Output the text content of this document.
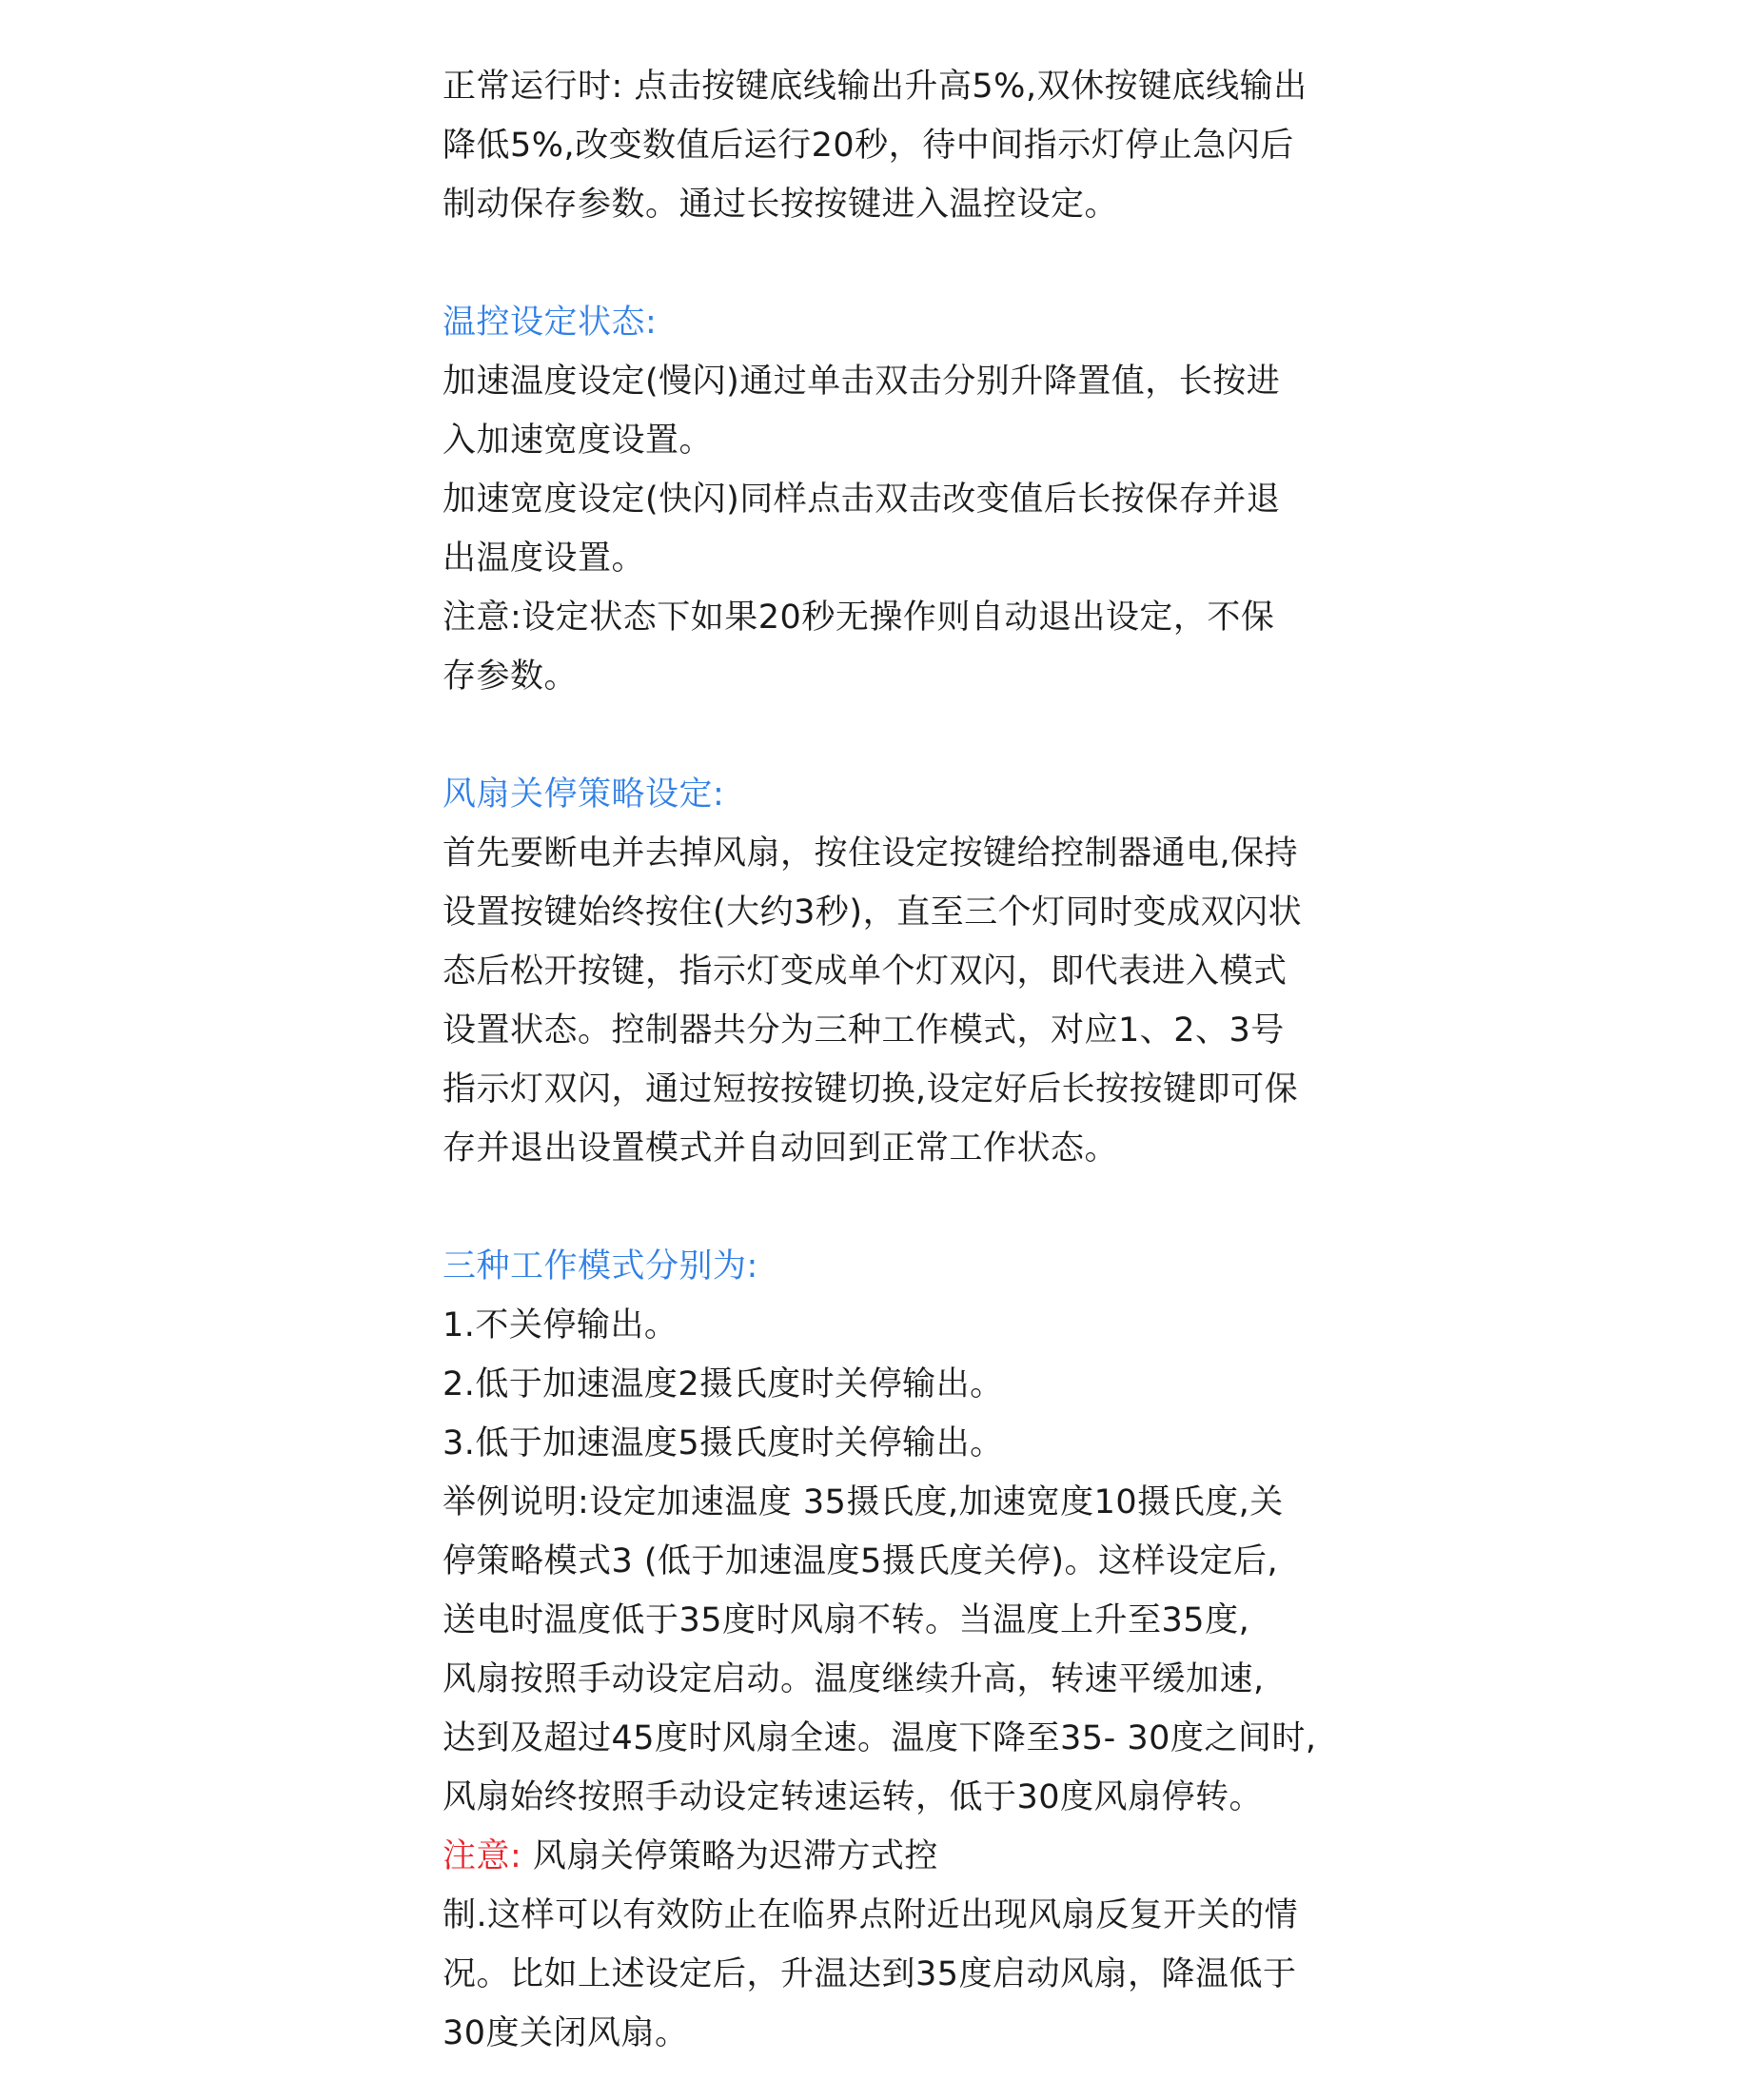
正常运行时: 点击按键底线输出升高5%,双休按键底线输出
降低5%,改变数值后运行20秒，待中间指示灯停止急闪后
制动保存参数。通过长按按键进入温控设定。
温控设定状态:
加速温度设定(慢闪)通过单击双击分别升降置值，长按进
入加速宽度设置。
加速宽度设定(快闪)同样点击双击改变值后长按保存并退
出温度设置。
注意:设定状态下如果20秒无操作则自动退出设定，不保
存参数。
风扇关停策略设定:
首先要断电并去掉风扇，按住设定按键给控制器通电,保持
设置按键始终按住(大约3秒)，直至三个灯同时变成双闪状
态后松开按键，指示灯变成单个灯双闪，即代表进入模式
设置状态。控制器共分为三种工作模式，对应1、2、3号
指示灯双闪，通过短按按键切换,设定好后长按按键即可保
存并退出设置模式并自动回到正常工作状态。
三种工作模式分别为:
1.不关停输出。
2.低于加速温度2摄氏度时关停输出。
3.低于加速温度5摄氏度时关停输出。
举例说明:设定加速温度 35摄氏度,加速宽度10摄氏度,关
停策略模式3 (低于加速温度5摄氏度关停)。这样设定后,
送电时温度低于35度时风扇不转。当温度上升至35度,
风扇按照手动设定启动。温度继续升高，转速平缓加速,
达到及超过45度时风扇全速。温度下降至35- 30度之间时,
风扇始终按照手动设定转速运转，低于30度风扇停转。
注意: 风扇关停策略为迟滞方式控
制.这样可以有效防止在临界点附近出现风扇反复开关的情
况。比如上述设定后，升温达到35度启动风扇，降温低于
30度关闭风扇。
